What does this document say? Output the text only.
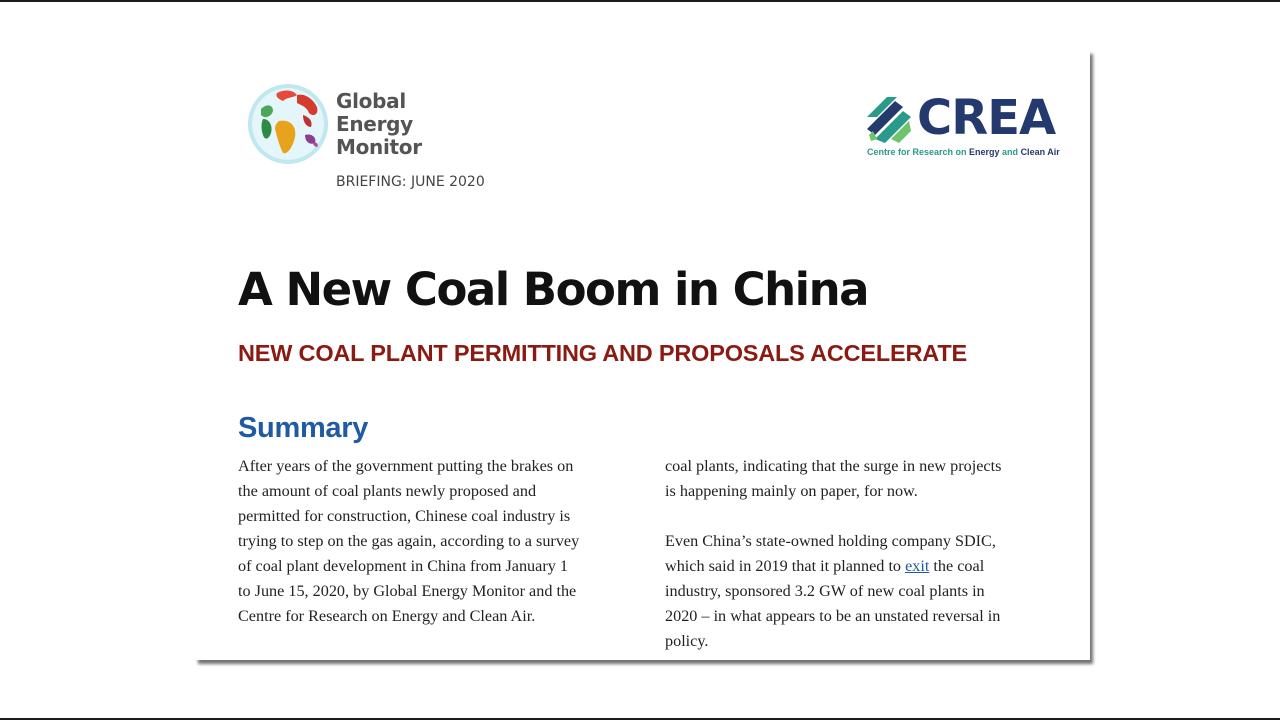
Global
Energy
Monitor
BRIEFING: JUNE 2020
CREA
Centre for Research on Energy and Clean Air
A New Coal Boom in China
NEW COAL PLANT PERMITTING AND PROPOSALS ACCELERATE
Summary
After years of the government putting the brakes on
the amount of coal plants newly proposed and
permitted for construction, Chinese coal industry is
trying to step on the gas again, according to a survey
of coal plant development in China from January 1
to June 15, 2020, by Global Energy Monitor and the
Centre for Research on Energy and Clean Air.
coal plants, indicating that the surge in new projects
is happening mainly on paper, for now.
Even China’s state-owned holding company SDIC,
which said in 2019 that it planned to exit the coal
industry, sponsored 3.2 GW of new coal plants in
2020 – in what appears to be an unstated reversal in
policy.
